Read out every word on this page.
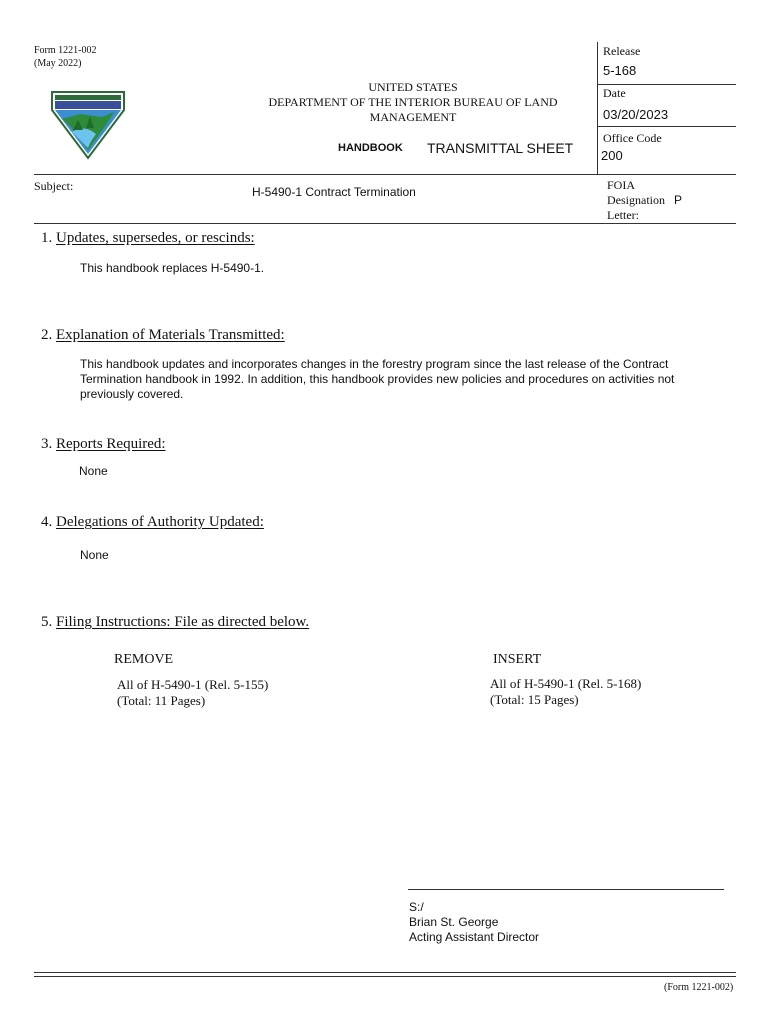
Form 1221-002
(May 2022)
UNITED STATES
DEPARTMENT OF THE INTERIOR BUREAU OF LAND
MANAGEMENT
HANDBOOK TRANSMITTAL SHEET
Release
5-168
Date
03/20/2023
Office Code
200
Subject:	H-5490-1 Contract Termination	FOIA
Designation
Letter:
P
1. Updates, supersedes, or rescinds:
This handbook replaces H-5490-1.
2. Explanation of Materials Transmitted:
This handbook updates and incorporates changes in the forestry program since the last release of the Contract Termination handbook in 1992. In addition, this handbook provides new policies and procedures on activities not previously covered.
3. Reports Required:
None
4. Delegations of Authority Updated:
None
5. Filing Instructions: File as directed below.
REMOVE
All of H-5490-1 (Rel. 5-155)
(Total: 11 Pages)
INSERT
All of H-5490-1 (Rel. 5-168)
(Total: 15 Pages)
S:/
Brian St. George
Acting Assistant Director
(Form 1221-002)
